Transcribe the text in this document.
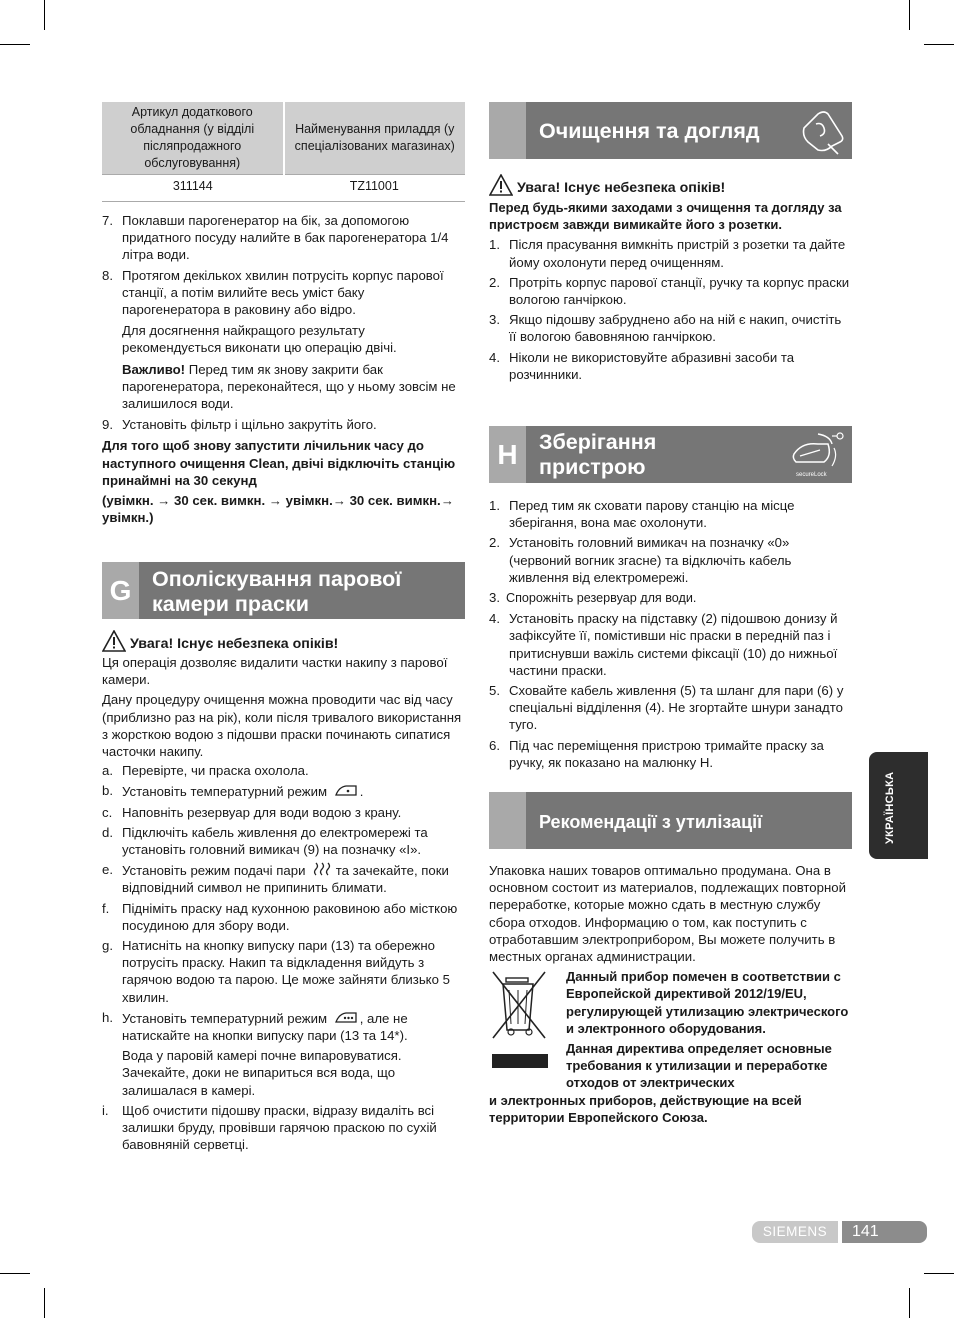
Артикул додаткового обладнання (у відділі післяпродажного обслуговування)	Найменування приладдя (у спеціалізованих магазинах)
311144	TZ11001
7. Поклавши парогенератор на бік, за допомогою придатного посуду налийте в бак парогенератора 1/4 літра води.
8. Протягом декількох хвилин потрусіть корпус парової станції, а потім вилийте весь уміст баку парогенератора в раковину або відро.
Для досягнення найкращого результату рекомендується виконати цю операцію двічі.
Важливо! Перед тим як знову закрити бак парогенератора, переконайтеся, що у ньому зовсім не залишилося води.
9. Установіть фільтр і щільно закрутіть його.

Для того щоб знову запустити лічильник часу до наступного очищення Clean, двічі відключіть станцію принаймні на 30 секунд

(увімкн. → 30 сек. вимкн. → увімкн.→ 30 сек. вимкн.→ увімкн.)

G Ополіскування парової камери праски
Увага! Існує небезпека опіків!

Ця операція дозволяє видалити частки накипу з парової камери.

Дану процедуру очищення можна проводити час від часу (приблизно раз на рік), коли після тривалого використання з жорсткою водою з підошви праски починають сипатися часточки накипу.

a. Перевірте, чи праска охолола.
b. Установіть температурний режим .
c. Наповніть резервуар для води водою з крану.
d. Підключіть кабель живлення до електромережі та установіть головний вимикач (9) на позначку «I».
e. Установіть режим подачі пари  та зачекайте, поки відповідний символ не припинить блимати.
f. Підніміть праску над кухонною раковиною або місткою посудиною для збору води.
g. Натисніть на кнопку випуску пари (13) та обережно потрусіть праску. Накип та відкладення вийдуть з гарячою водою та парою. Це може зайняти близько 5 хвилин.
h. Установіть температурний режим , але не натискайте на кнопки випуску пари (13 та 14*).
Вода у паровій камері почне випаровуватися. Зачекайте, доки не випариться вся вода, що залишалася в камері.
i. Щоб очистити підошву праски, відразу видаліть всі залишки бруду, провівши гарячою праскою по сухій бавовняній серветці.
Очищення та догляд
Увага! Існує небезпека опіків!

Перед будь-якими заходами з очищення та догляду за пристроєм завжди вимикайте його з розетки.

1. Після прасування вимкніть пристрій з розетки та дайте йому охолонути перед очищенням.
2. Протріть корпус парової станції, ручку та корпус праски вологою ганчіркою.
3. Якщо підошву забруднено або на ній є накип, очистіть її вологою бавовняною ганчіркою.
4. Ніколи не використовуйте абразивні засоби та розчинники.
H Зберігання пристрою	secureLock
1. Перед тим як сховати парову станцію на місце зберігання, вона має охолонути.
2. Установіть головний вимикач на позначку «0» (червоний вогник згасне) та відключіть кабель живлення від електромережі.
3. Спорожніть резервуар для води.
4. Установіть праску на підставку (2) підошвою донизу й зафіксуйте її, помістивши ніс праски в передній паз і притиснувши важіль системи фіксації (10) до нижньої частини праски.
5. Сховайте кабель живлення (5) та шланг для пари (6) у спеціальні відділення (4). Не згортайте шнури занадто туго.
6. Під час переміщення пристрою тримайте праску за ручку, як показано на малюнку H.
Рекомендації з утилізації

Упаковка наших товаров оптимально продумана. Она в основном состоит из материалов, подлежащих повторной переработке, которые можно сдать в местную службу сбора отходов. Информацию о том, как поступить с отработавшим электроприбором, Вы можете получить в местных органах администрации.

Данный прибор помечен в соответствии с Европейской директивой 2012/19/EU, регулирующей утилизацию электрического и электронного оборудования.

Данная директива определяет основные требования к утилизации и переработке отходов от электрических

и электронных приборов, действующие на всей территории Европейского Союза.

УКРАЇНСЬКА
SIEMENS	141
